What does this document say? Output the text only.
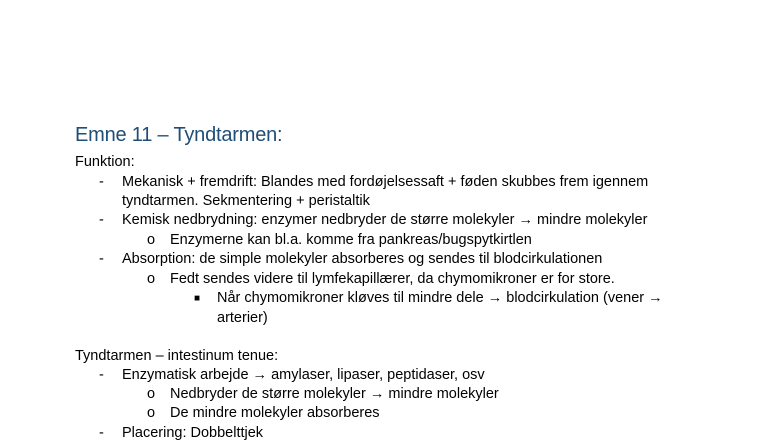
Emne 11 – Tyndtarmen:
Funktion:
- Mekanisk + fremdrift: Blandes med fordøjelsessaft + føden skubbes frem igennem
tyndtarmen. Sekmentering + peristaltik
- Kemisk nedbrydning: enzymer nedbryder de større molekyler → mindre molekyler
o Enzymerne kan bl.a. komme fra pankreas/bugspytkirtlen
- Absorption: de simple molekyler absorberes og sendes til blodcirkulationen
o Fedt sendes videre til lymfekapillærer, da chymomikroner er for store.
■ Når chymomikroner kløves til mindre dele → blodcirkulation (vener →
arterier)
Tyndtarmen – intestinum tenue:
- Enzymatisk arbejde → amylaser, lipaser, peptidaser, osv
o Nedbryder de større molekyler → mindre molekyler
o De mindre molekyler absorberes
- Placering: Dobbelttjek
